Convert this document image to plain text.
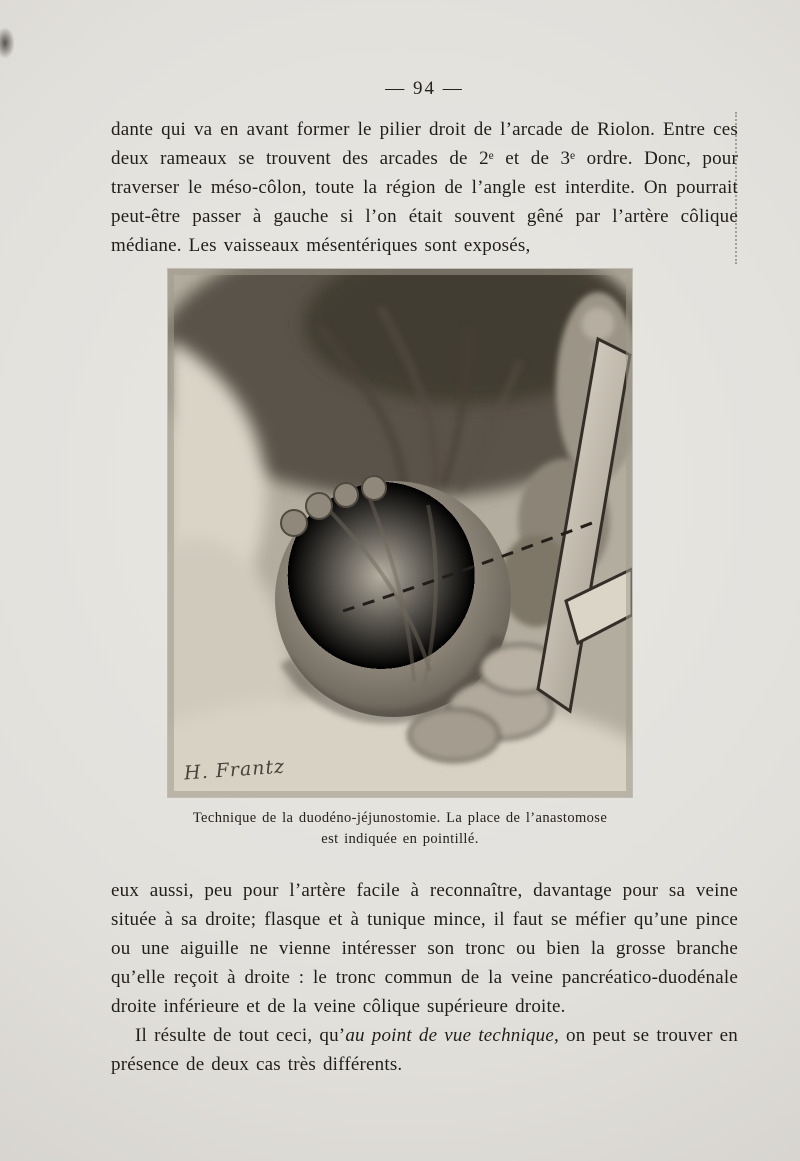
— 94 —

dante qui va en avant former le pilier droit de l’arcade de Riolon. Entre ces deux rameaux se trouvent des arcades de 2ᵉ et de 3ᵉ ordre. Donc, pour traverser le méso-côlon, toute la région de l’angle est interdite. On pourrait peut-être passer à gauche si l’on était souvent gêné par l’artère côlique médiane. Les vaisseaux mésentériques sont exposés,

H. Frantz
Technique de la duodéno-jéjunostomie. La place de l’anastomose
est indiquée en pointillé.

eux aussi, peu pour l’artère facile à reconnaître, davantage pour sa veine située à sa droite; flasque et à tunique mince, il faut se méfier qu’une pince ou une aiguille ne vienne intéresser son tronc ou bien la grosse branche qu’elle reçoit à droite : le tronc commun de la veine pancréatico-duodénale droite inférieure et de la veine côlique supérieure droite.

Il résulte de tout ceci, qu’au point de vue technique, on peut se trouver en présence de deux cas très différents.
